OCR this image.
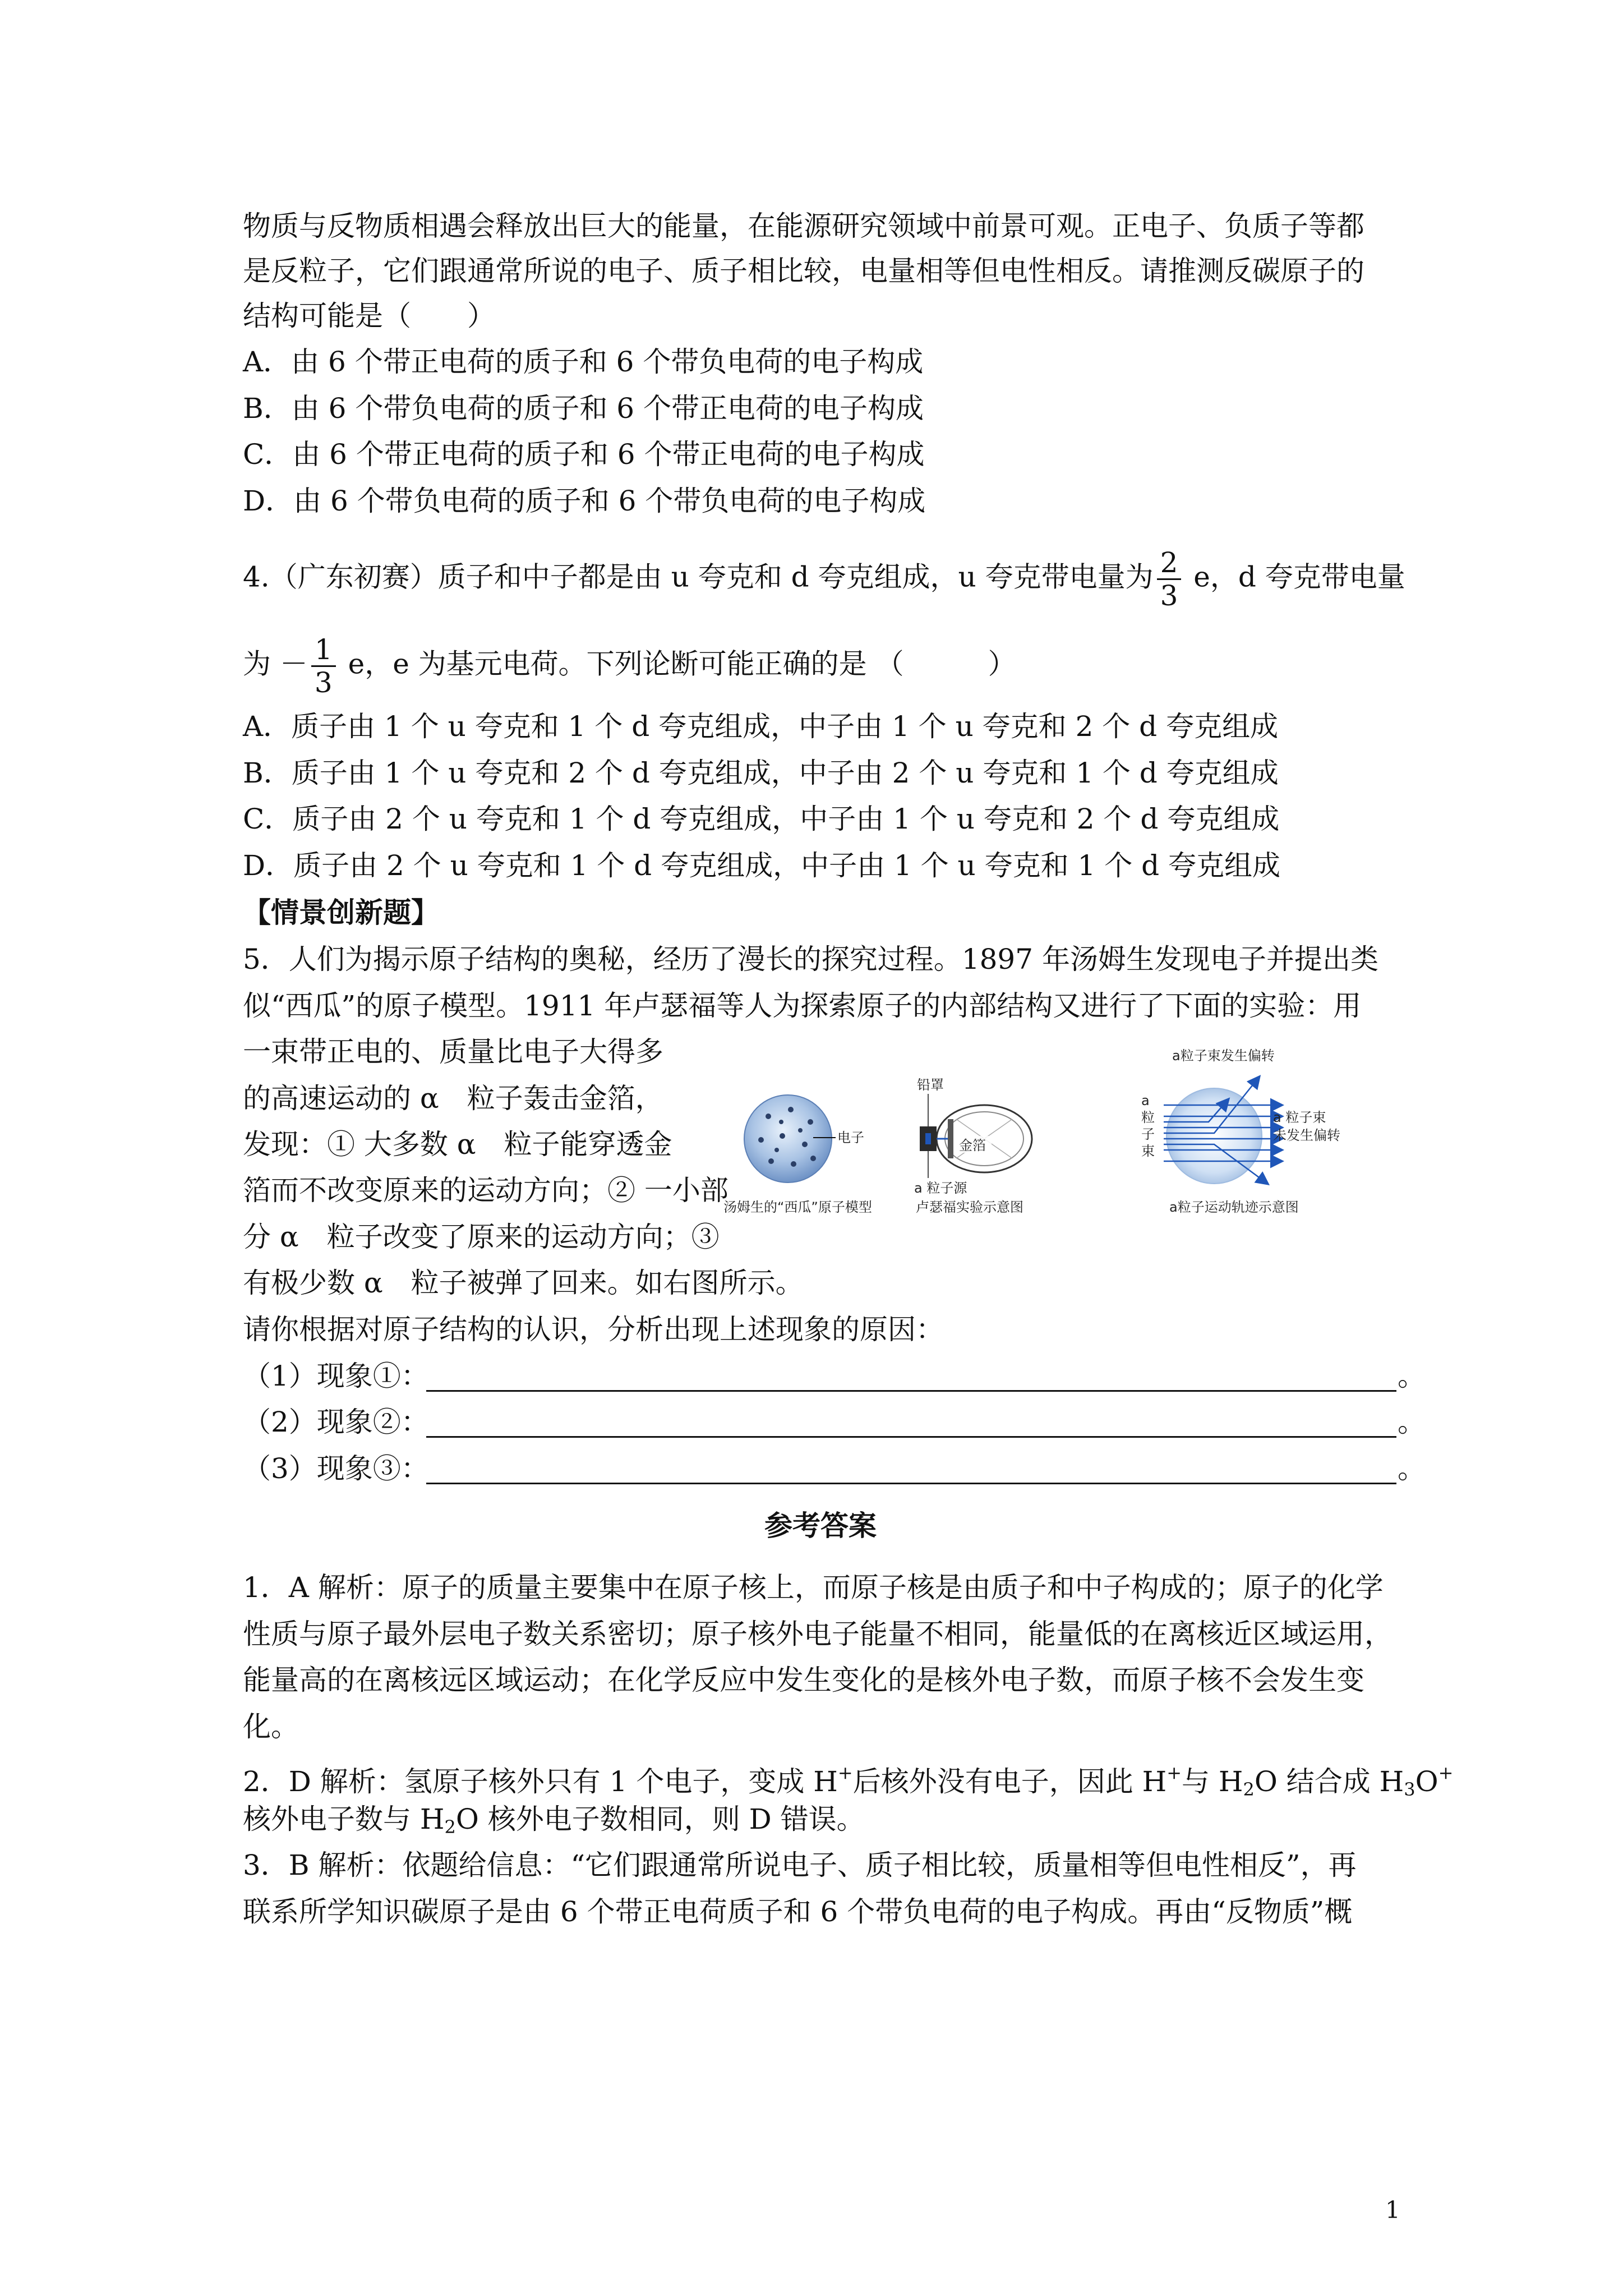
物质与反物质相遇会释放出巨大的能量，在能源研究领域中前景可观。正电子、负质子等都
是反粒子，它们跟通常所说的电子、质子相比较，电量相等但电性相反。请推测反碳原子的
结构可能是（　　）
A．由 6 个带正电荷的质子和 6 个带负电荷的电子构成
B．由 6 个带负电荷的质子和 6 个带正电荷的电子构成
C．由 6 个带正电荷的质子和 6 个带正电荷的电子构成
D．由 6 个带负电荷的质子和 6 个带负电荷的电子构成
4.（广东初赛）质子和中子都是由 u 夸克和 d 夸克组成，u 夸克带电量为 $\frac{2}{3}$ e，d 夸克带电量
为 － $\frac{1}{3}$ e，e 为基元电荷。下列论断可能正确的是 （　　　）
A．质子由 1 个 u 夸克和 1 个 d 夸克组成，中子由 1 个 u 夸克和 2 个 d 夸克组成
B．质子由 1 个 u 夸克和 2 个 d 夸克组成，中子由 2 个 u 夸克和 1 个 d 夸克组成
C．质子由 2 个 u 夸克和 1 个 d 夸克组成，中子由 1 个 u 夸克和 2 个 d 夸克组成
D．质子由 2 个 u 夸克和 1 个 d 夸克组成，中子由 1 个 u 夸克和 1 个 d 夸克组成
【情景创新题】
5．人们为揭示原子结构的奥秘，经历了漫长的探究过程。1897 年汤姆生发现电子并提出类
似“西瓜”的原子模型。1911 年卢瑟福等人为探索原子的内部结构又进行了下面的实验：用
一束带正电的、质量比电子大得多
的高速运动的 α　粒子轰击金箔，
发现：① 大多数 α　粒子能穿透金
箔而不改变原来的运动方向；② 一小部
分 α　粒子改变了原来的运动方向；③
有极少数 α　粒子被弹了回来。如右图所示。
请你根据对原子结构的认识，分析出现上述现象的原因：
（1）现象①：	。
（2）现象②：	。
（3）现象③：	。
电子
汤姆生的“西瓜”原子模型
铅罩
金箔
a 粒子源
卢瑟福实验示意图
a粒子束发生偏转
a
粒
子
束
a 粒子束
未发生偏转
a粒子运动轨迹示意图
参考答案
1．A 解析：原子的质量主要集中在原子核上，而原子核是由质子和中子构成的；原子的化学
性质与原子最外层电子数关系密切；原子核外电子能量不相同，能量低的在离核近区域运用，
能量高的在离核远区域运动；在化学反应中发生变化的是核外电子数，而原子核不会发生变
化。
2．D 解析：氢原子核外只有 1 个电子，变成 H+后核外没有电子，因此 H+与 $H_2O$ 结合成 $H_3O^+$
核外电子数与 $H_2O$ 核外电子数相同，则 D 错误。
3．B 解析：依题给信息：“它们跟通常所说电子、质子相比较，质量相等但电性相反”，再
联系所学知识碳原子是由 6 个带正电荷质子和 6 个带负电荷的电子构成。再由“反物质”概
1
